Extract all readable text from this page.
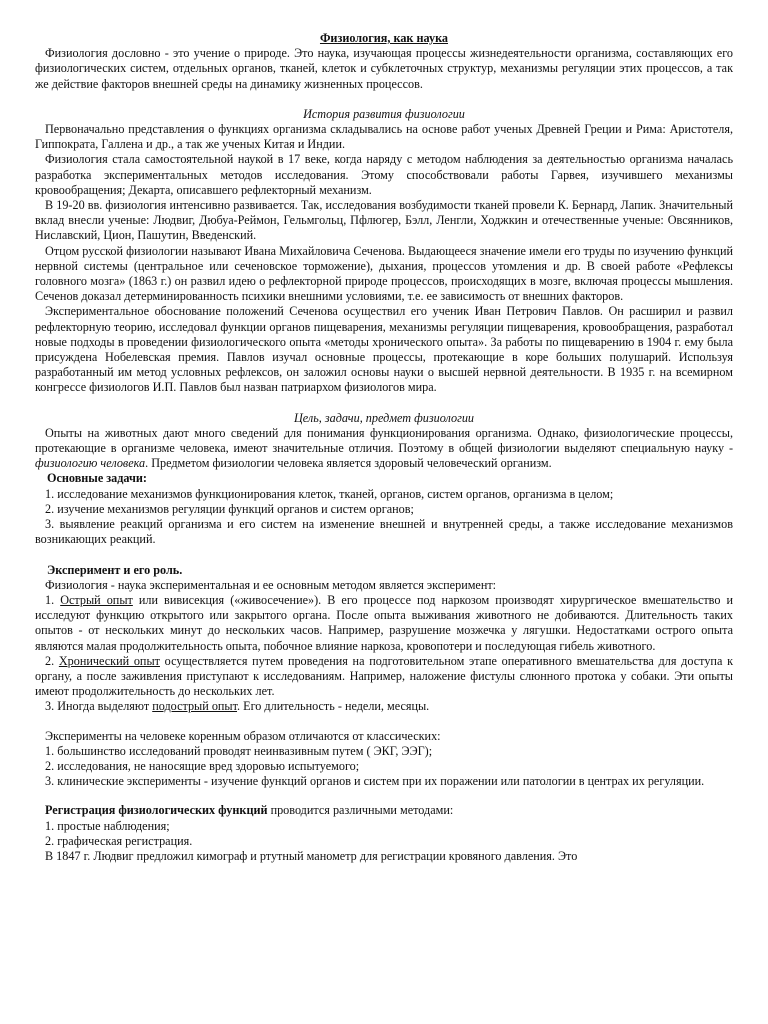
Физиология, как наука

Физиология дословно - это учение о природе. Это наука, изучающая процессы жизнедеятельности организма, составляющих его физиологических систем, отдельных органов, тканей, клеток и субклеточных структур, механизмы регуляции этих процессов, а так же действие факторов внешней среды на динамику жизненных процессов.

История развития физиологии

Первоначально представления о функциях организма складывались на основе работ ученых Древней Греции и Рима: Аристотеля, Гиппократа, Галлена и др., а так же ученых Китая и Индии.

Физиология стала самостоятельной наукой в 17 веке, когда наряду с методом наблюдения за деятельностью организма началась разработка экспериментальных методов исследования. Этому способствовали работы Гарвея, изучившего механизмы кровообращения; Декарта, описавшего рефлекторный механизм.

В 19-20 вв. физиология интенсивно развивается. Так, исследования возбудимости тканей провели К. Бернард, Лапик. Значительный вклад внесли ученые: Людвиг, Дюбуа-Реймон, Гельмгольц, Пфлюгер, Бэлл, Ленгли, Ходжкин и отечественные ученые: Овсянников, Ниславский, Цион, Пашутин, Введенский.

Отцом русской физиологии называют Ивана Михайловича Сеченова. Выдающееся значение имели его труды по изучению функций нервной системы (центральное или сеченовское торможение), дыхания, процессов утомления и др. В своей работе «Рефлексы головного мозга» (1863 г.) он развил идею о рефлекторной природе процессов, происходящих в мозге, включая процессы мышления. Сеченов доказал детерминированность психики внешними условиями, т.е. ее зависимость от внешних факторов.

Экспериментальное обоснование положений Сеченова осуществил его ученик Иван Петрович Павлов. Он расширил и развил рефлекторную теорию, исследовал функции органов пищеварения, механизмы регуляции пищеварения, кровообращения, разработал новые подходы в проведении физиологического опыта «методы хронического опыта». За работы по пищеварению в 1904 г. ему была присуждена Нобелевская премия. Павлов изучал основные процессы, протекающие в коре больших полушарий. Используя разработанный им метод условных рефлексов, он заложил основы науки о высшей нервной деятельности. В 1935 г. на всемирном конгрессе физиологов И.П. Павлов был назван патриархом физиологов мира.

Цель, задачи, предмет физиологии

Опыты на животных дают много сведений для понимания функционирования организма. Однако, физиологические процессы, протекающие в организме человека, имеют значительные отличия. Поэтому в общей физиологии выделяют специальную науку - физиологию человека. Предметом физиологии человека является здоровый человеческий организм.

Основные задачи:

1. исследование механизмов функционирования клеток, тканей, органов, систем органов, организма в целом;

2. изучение механизмов регуляции функций органов и систем органов;

3. выявление реакций организма и его систем на изменение внешней и внутренней среды, а также исследование механизмов возникающих реакций.

Эксперимент и его роль.

Физиология - наука экспериментальная и ее основным методом является эксперимент:

1. Острый опыт или вивисекция («живосечение»). В его процессе под наркозом производят хирургическое вмешательство и исследуют функцию открытого или закрытого органа. После опыта выживания животного не добиваются. Длительность таких опытов - от нескольких минут до нескольких часов. Например, разрушение мозжечка у лягушки. Недостатками острого опыта являются малая продолжительность опыта, побочное влияние наркоза, кровопотери и последующая гибель животного.

2. Хронический опыт осуществляется путем проведения на подготовительном этапе оперативного вмешательства для доступа к органу, а после заживления приступают к исследованиям. Например, наложение фистулы слюнного протока у собаки. Эти опыты имеют продолжительность до нескольких лет.

3. Иногда выделяют подострый опыт. Его длительность - недели, месяцы.

Эксперименты на человеке коренным образом отличаются от классических:

1. большинство исследований проводят неинвазивным путем ( ЭКГ, ЭЭГ);

2. исследования, не наносящие вред здоровью испытуемого;

3. клинические эксперименты - изучение функций органов и систем при их поражении или патологии в центрах их регуляции.

Регистрация физиологических функций проводится различными методами:

1. простые наблюдения;

2. графическая регистрация.

В 1847 г. Людвиг предложил кимограф и ртутный манометр для регистрации кровяного давления. Это
